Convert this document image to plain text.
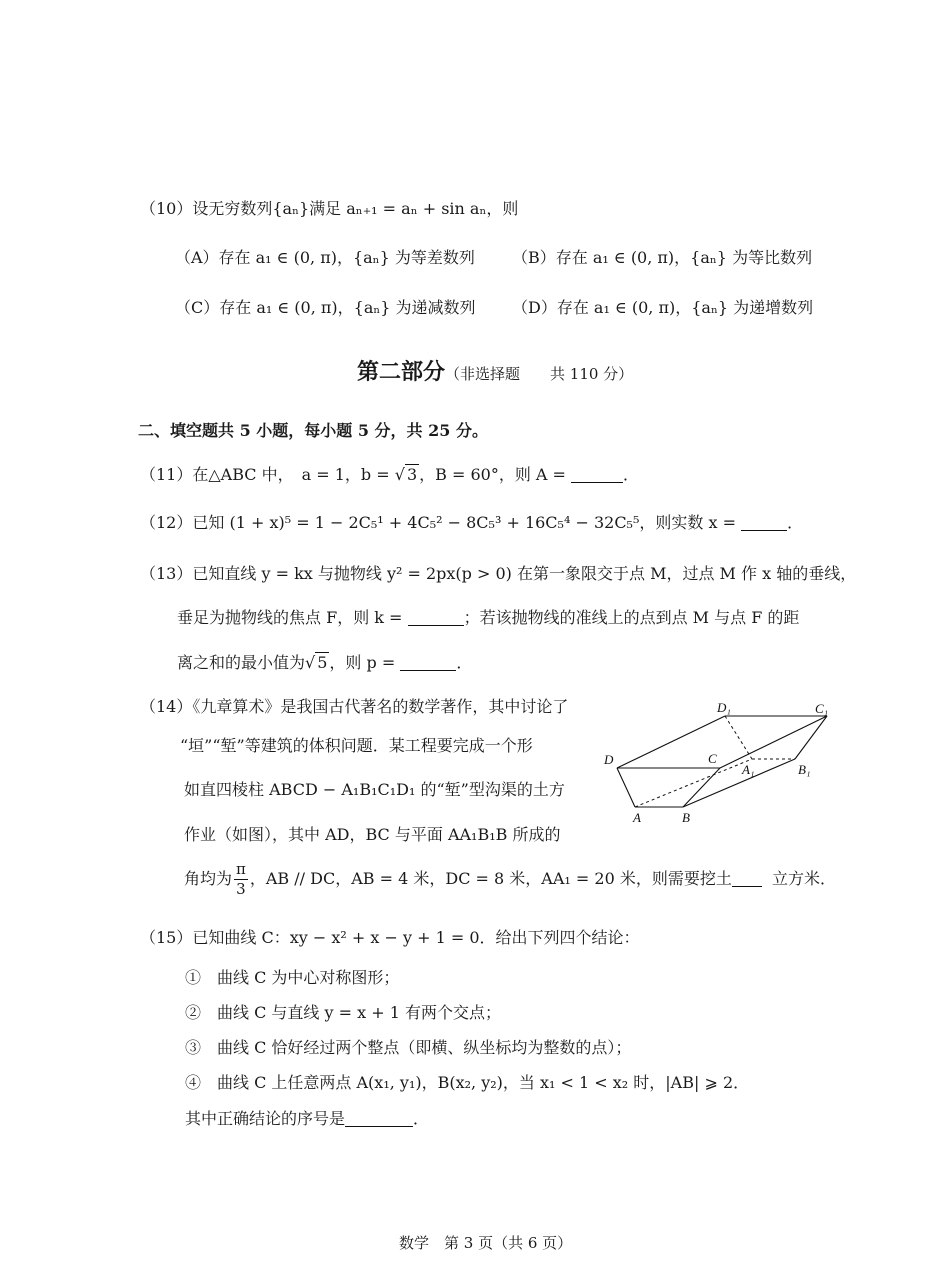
（10）设无穷数列{aₙ}满足 aₙ₊₁ = aₙ + sin aₙ，则
（A）存在 a₁ ∈ (0, π)，{aₙ} 为等差数列 （B）存在 a₁ ∈ (0, π)，{aₙ} 为等比数列
（C）存在 a₁ ∈ (0, π)，{aₙ} 为递减数列 （D）存在 a₁ ∈ (0, π)，{aₙ} 为递增数列
第二部分（非选择题　　共 110 分）
二、填空题共 5 小题，每小题 5 分，共 25 分。
（11）在△ABC 中，　a = 1，b = √ 3 ，B = 60°，则 A =	．
（12）已知 (1 + x)⁵ = 1 − 2C₅¹ + 4C₅² − 8C₅³ + 16C₅⁴ − 32C₅⁵，则实数 x =	．
（13）已知直线 y = kx 与抛物线 y² = 2px(p > 0) 在第一象限交于点 M，过点 M 作 x 轴的垂线，
垂足为抛物线的焦点 F，则 k =	；若该抛物线的准线上的点到点 M 与点 F 的距
离之和的最小值为√ 5 ，则 p =	．
（14）《九章算术》是我国古代著名的数学著作，其中讨论了
“垣”“堑”等建筑的体积问题．某工程要完成一个形
如直四棱柱 ABCD − A₁B₁C₁D₁ 的“堑”型沟渠的土方
作业（如图），其中 AD，BC 与平面 AA₁B₁B 所成的
角均为 $\frac{\pi}{3}$ ，AB // DC，AB = 4 米，DC = 8 米，AA₁ = 20 米，则需要挖土	立方米．
D₁	C₁
D	C
A₁	B₁
A	B
（15）已知曲线 C：xy − x² + x − y + 1 = 0．给出下列四个结论：
①　曲线 C 为中心对称图形；
②　曲线 C 与直线 y = x + 1 有两个交点；
③　曲线 C 恰好经过两个整点（即横、纵坐标均为整数的点）；
④　曲线 C 上任意两点 A(x₁, y₁)，B(x₂, y₂)，当 x₁ < 1 < x₂ 时，|AB| ⩾ 2．
其中正确结论的序号是	．
数学　第 3 页（共 6 页）
